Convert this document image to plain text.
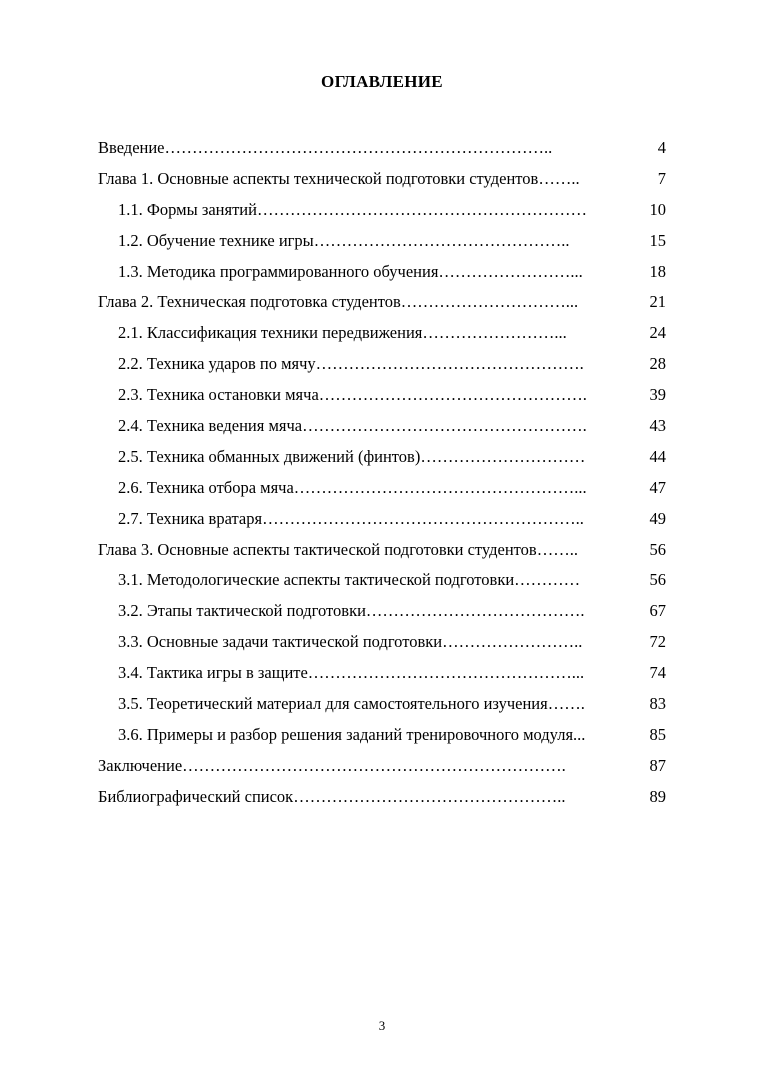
ОГЛАВЛЕНИЕ
Введение……………………………………………………………..	4
Глава 1. Основные аспекты технической подготовки студентов……..	7
1.1. Формы занятий……………………………………………………	10
1.2. Обучение технике игры………………………………………..	15
1.3. Методика программированного обучения……………………...	18
Глава 2. Техническая подготовка студентов…………………………...	21
2.1. Классификация техники передвижения……………………...	24
2.2. Техника ударов по мячу………………………………………….	28
2.3. Техника остановки мяча………………………………………….	39
2.4. Техника ведения мяча…………………………………………….	43
2.5. Техника обманных движений (финтов)…………………………	44
2.6. Техника отбора мяча……………………………………………...	47
2.7. Техника вратаря…………………………………………………..	49
Глава 3. Основные аспекты тактической подготовки студентов……..	56
3.1. Методологические аспекты тактической подготовки…………	56
3.2. Этапы тактической подготовки………………………………….	67
3.3. Основные задачи тактической подготовки……………………..	72
3.4. Тактика игры в защите…………………………………………...	74
3.5. Теоретический материал для самостоятельного изучения…….	83
3.6. Примеры и разбор решения заданий тренировочного модуля...	85
Заключение…………………………………………………………….	87
Библиографический список…………………………………………..	89
3
